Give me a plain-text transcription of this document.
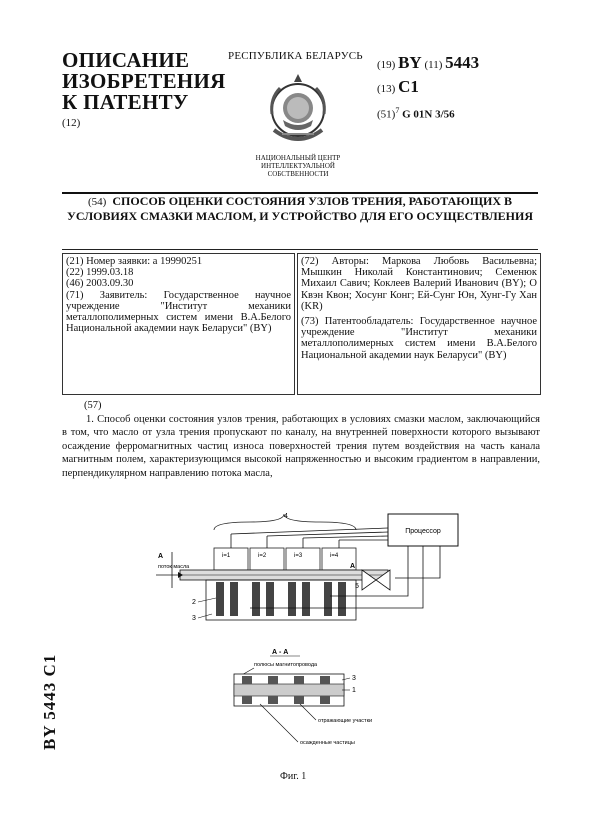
ОПИСАНИЕ
ИЗОБРЕТЕНИЯ
К ПАТЕНТУ
(12)
РЕСПУБЛИКА БЕЛАРУСЬ
НАЦИОНАЛЬНЫЙ ЦЕНТР
ИНТЕЛЛЕКТУАЛЬНОЙ
СОБСТВЕННОСТИ
(19) BY (11) 5443
(13) C1
$(51)^7$ G 01N 3/56
(54) СПОСОБ ОЦЕНКИ СОСТОЯНИЯ УЗЛОВ ТРЕНИЯ, РАБОТАЮЩИХ В УСЛОВИЯХ СМАЗКИ МАСЛОМ, И УСТРОЙСТВО ДЛЯ ЕГО ОСУЩЕСТВЛЕНИЯ
(21) Номер заявки: a 19990251
(22) 1999.03.18
(46) 2003.09.30
(71) Заявитель: Государственное научное учреждение "Институт механики металлополимерных систем имени В.А.Белого Национальной академии наук Беларуси" (BY)
(72) Авторы: Маркова Любовь Васильевна; Мышкин Николай Константинович; Семенюк Михаил Савич; Коклеев Валерий Иванович (BY); О Квэн Квон; Хосунг Конг; Ей-Сунг Юн, Хунг-Гу Хан (KR)
(73) Патентообладатель: Государственное научное учреждение "Институт механики металлополимерных систем имени В.А.Белого Национальной академии наук Беларуси" (BY)
(57)
1. Способ оценки состояния узлов трения, работающих в условиях смазки маслом, заключающийся в том, что масло от узла трения пропускают по каналу, на внутренней поверхности которого вызывают осаждение ферромагнитных частиц износа поверхностей трения путем воздействия на часть канала магнитным полем, характеризующимся высокой напряженностью и высоким градиентом в направлении, перпендикулярном направлению потока масла,
Процессор
4
i=1	i=2	i=3	i=4
поток масла
А
А
5
2
3
А - А
полюсы магнитопровода
3
1
отражающие участки
осажденные частицы
Фиг. 1
BY 5443 C1
